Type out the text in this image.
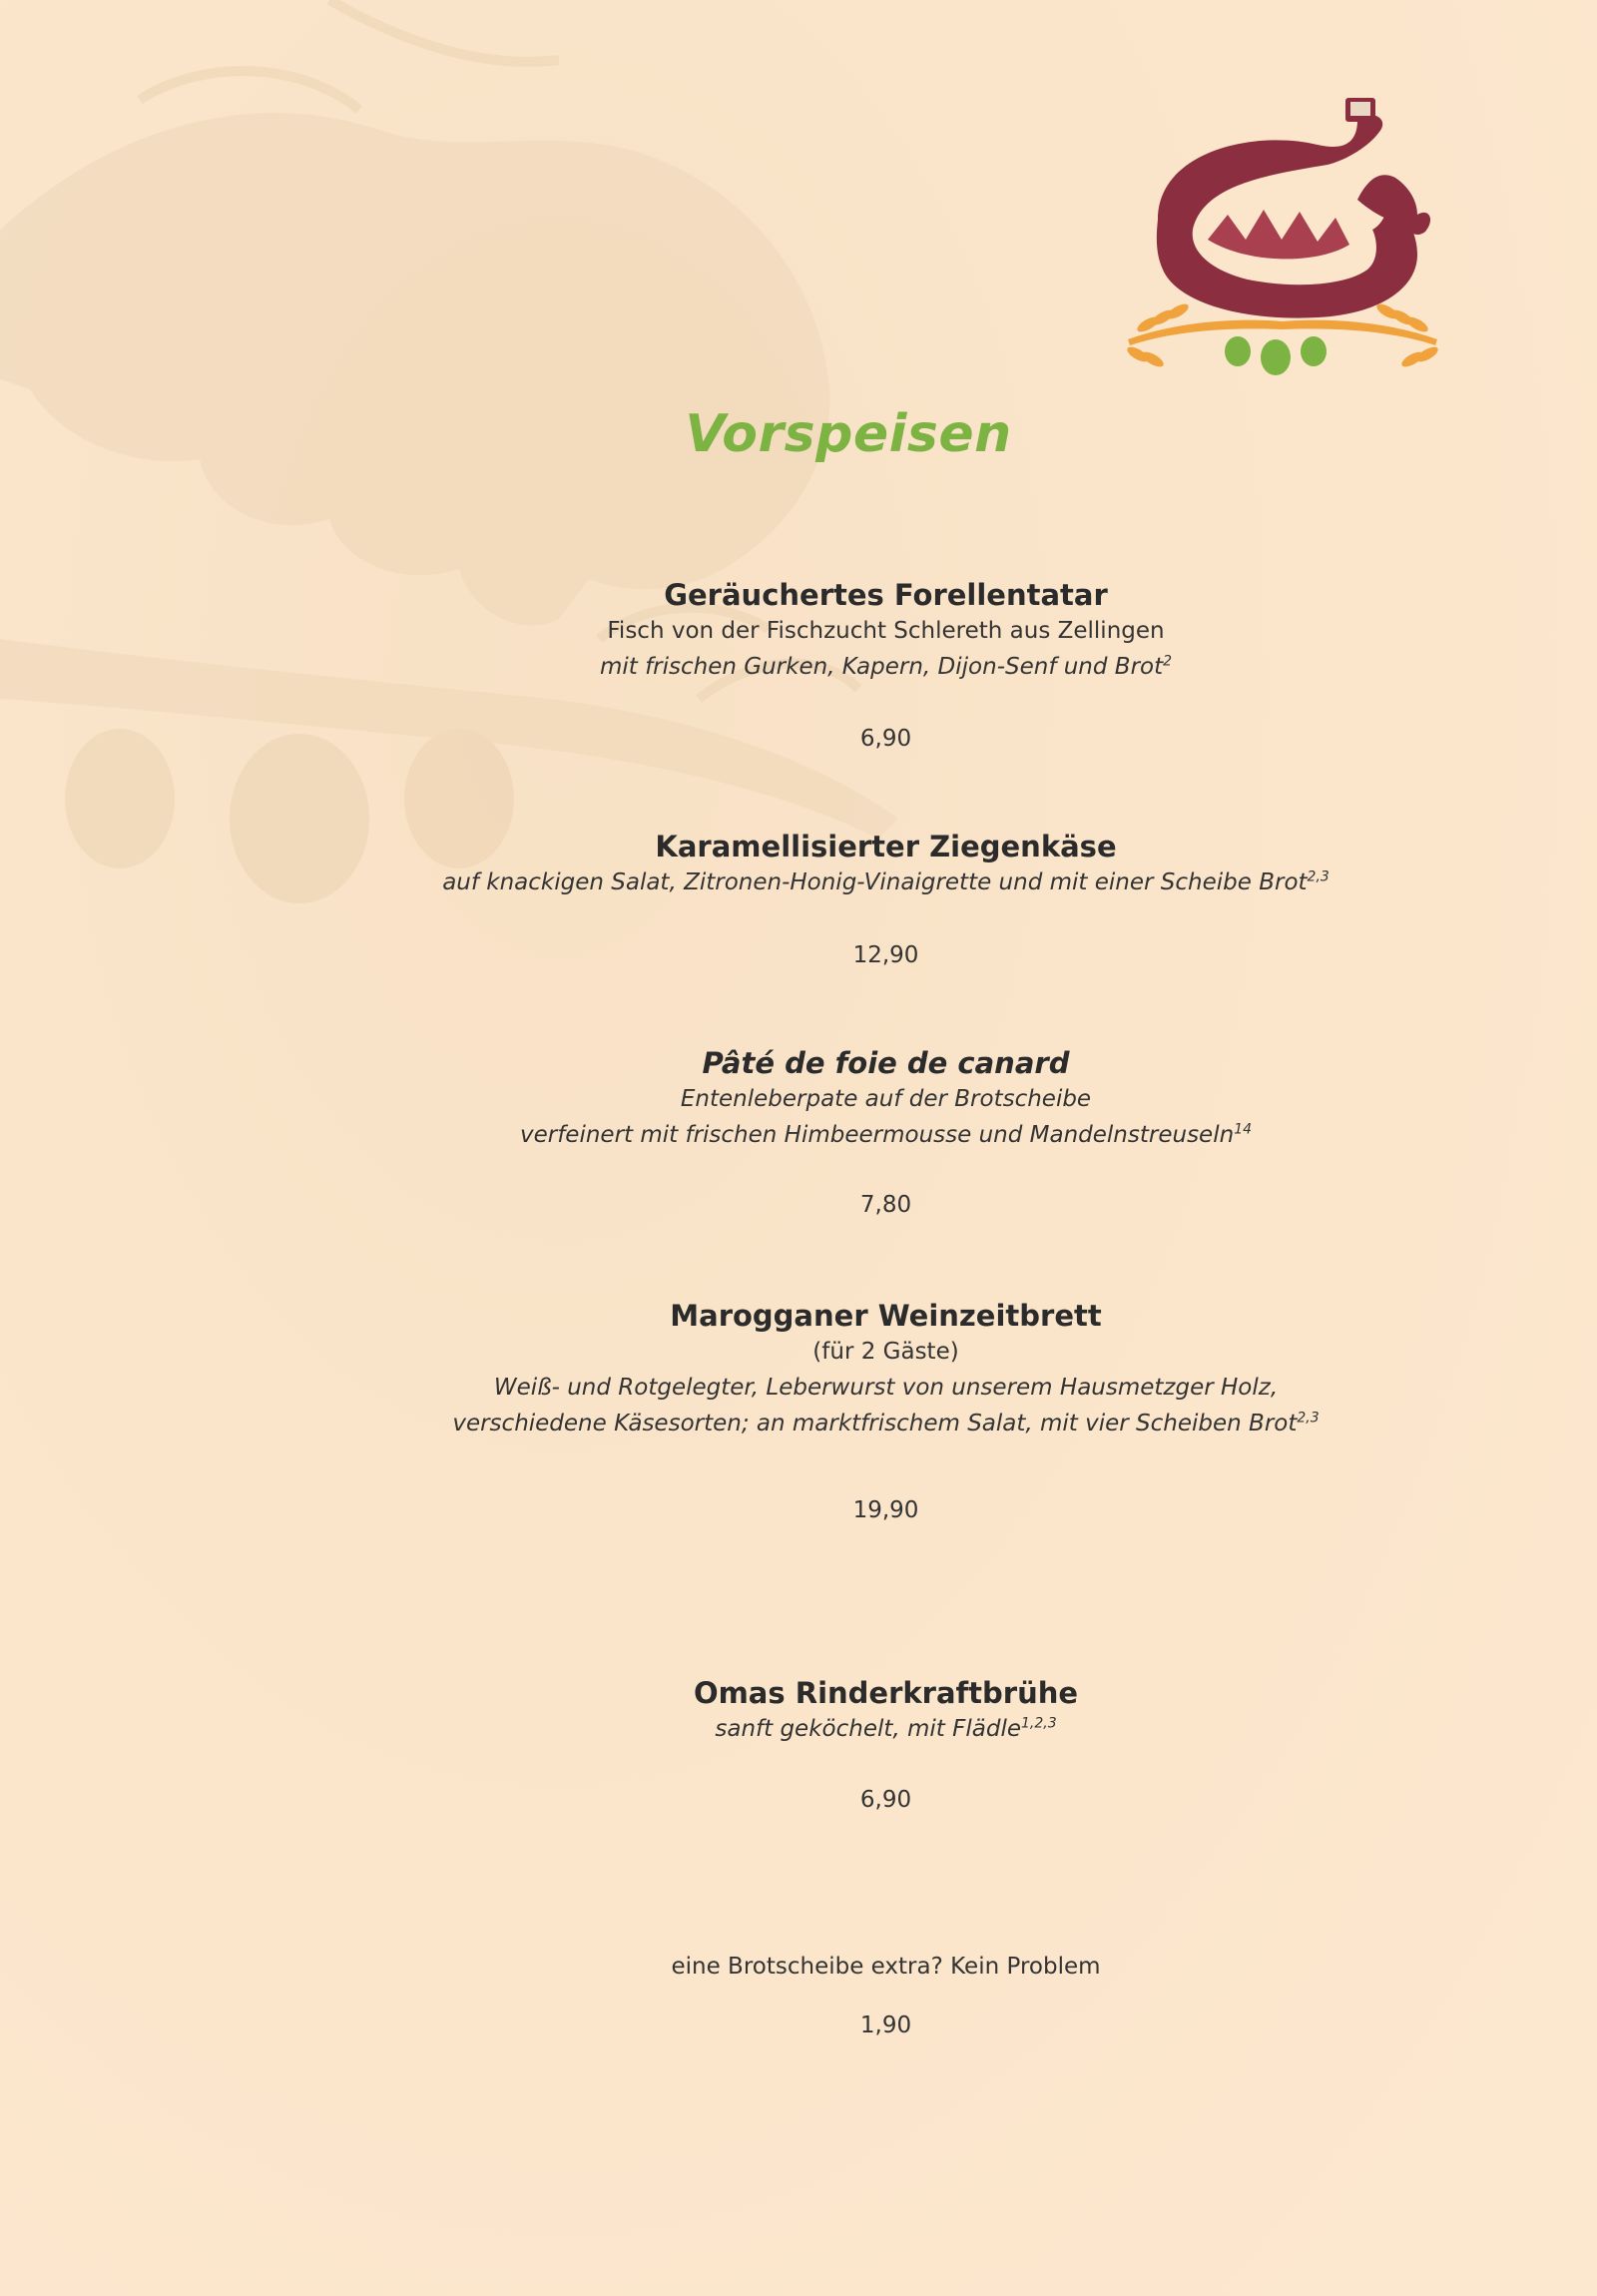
Vorspeisen
Geräuchertes Forellentatar
Fisch von der Fischzucht Schlereth aus Zellingen
mit frischen Gurken, Kapern, Dijon-Senf und Brot$^2$
6,90
Karamellisierter Ziegenkäse
auf knackigen Salat, Zitronen-Honig-Vinaigrette und mit einer Scheibe Brot$^{2,3}$
12,90
Pâté de foie de canard
Entenleberpate auf der Brotscheibe
verfeinert mit frischen Himbeermousse und Mandelnstreuseln$^{14}$
7,80
Marogganer Weinzeitbrett
(für 2 Gäste)
Weiß- und Rotgelegter, Leberwurst von unserem Hausmetzger Holz,
verschiedene Käsesorten; an marktfrischem Salat, mit vier Scheiben Brot$^{2,3}$
19,90
Omas Rinderkraftbrühe
sanft geköchelt, mit Flädle$^{1,2,3}$
6,90
eine Brotscheibe extra? Kein Problem
1,90
